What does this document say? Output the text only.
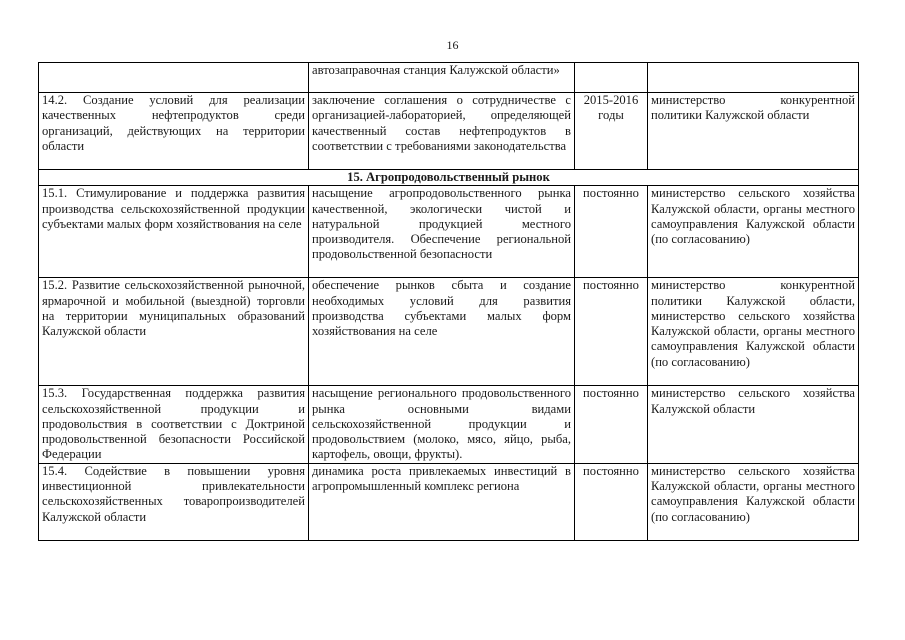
16
	автозаправочная станция Калужской области»		
14.2. Создание условий для реализации качественных нефтепродуктов среди организаций, действующих на территории области	заключение соглашения о сотрудничестве с организацией-лабораторией, определяющей качественный состав нефтепродуктов в соответствии с требованиями законодательства	2015-2016 годы	министерство конкурентной политики Калужской области
15. Агропродовольственный рынок			
15.1. Стимулирование и поддержка развития производства сельскохозяйственной продукции субъектами малых форм хозяйствования на селе	насыщение агропродовольственного рынка качественной, экологически чистой и натуральной продукцией местного производителя. Обеспечение региональной продовольственной безопасности	постоянно	министерство сельского хозяйства Калужской области, органы местного самоуправления Калужской области (по согласованию)
15.2. Развитие сельскохозяйственной рыночной, ярмарочной и мобильной (выездной) торговли на территории муниципальных образований Калужской области	обеспечение рынков сбыта и создание необходимых условий для развития производства субъектами малых форм хозяйствования на селе	постоянно	министерство конкурентной политики Калужской области, министерство сельского хозяйства Калужской области, органы местного самоуправления Калужской области (по согласованию)
15.3. Государственная поддержка развития сельскохозяйственной продукции и продовольствия в соответствии с Доктриной продовольственной безопасности Российской Федерации	насыщение регионального продовольственного рынка основными видами сельскохозяйственной продукции и продовольствием (молоко, мясо, яйцо, рыба, картофель, овощи, фрукты).	постоянно	министерство сельского хозяйства Калужской области
15.4. Содействие в повышении уровня инвестиционной привлекательности сельскохозяйственных товаропроизводителей Калужской области	динамика роста привлекаемых инвестиций в агропромышленный комплекс региона	постоянно	министерство сельского хозяйства Калужской области, органы местного самоуправления Калужской области (по согласованию)
